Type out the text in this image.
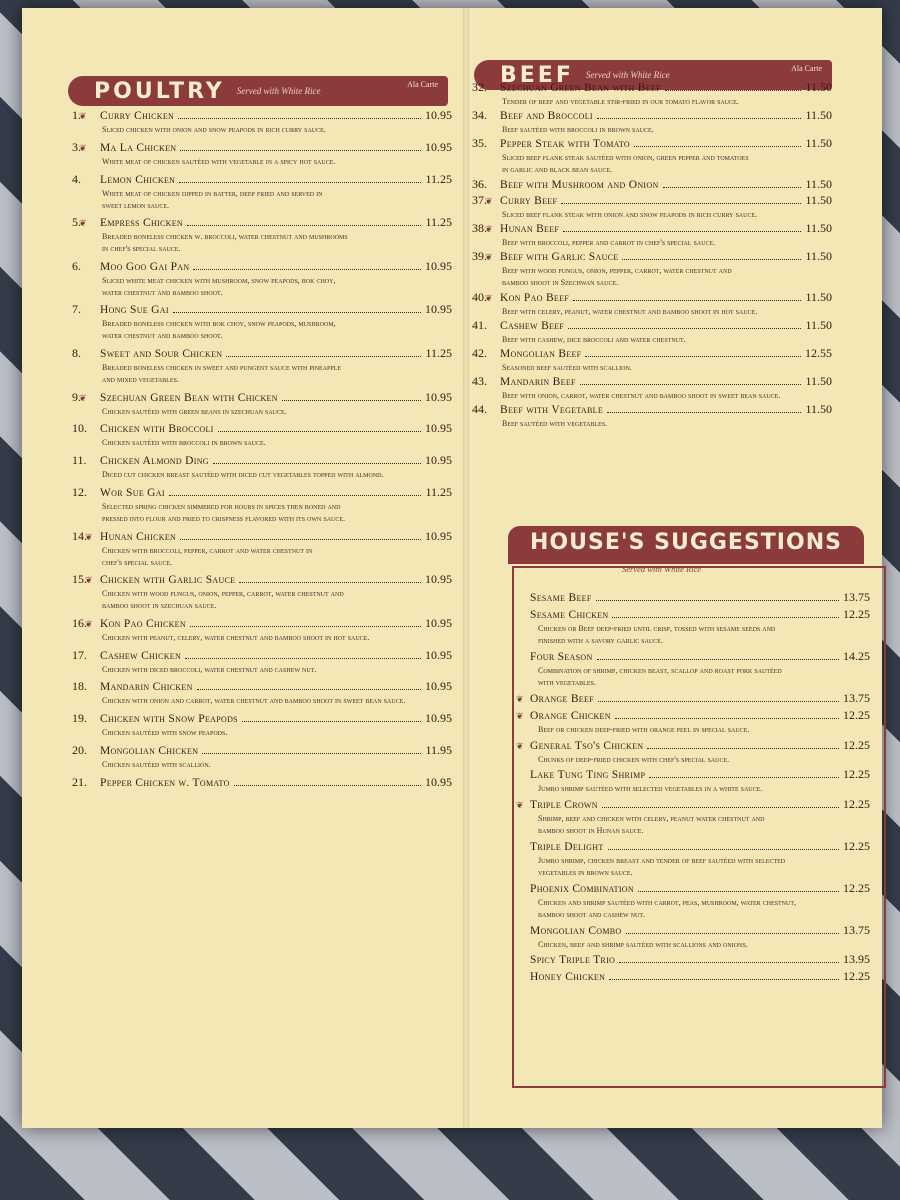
POULTRY Served with White Rice
Ala Carte
1.❦	Curry Chicken	10.95
Sliced chicken with onion and snow peapods in rich curry sauce.
3.❦	Ma La Chicken	10.95
White meat of chicken sautéed with vegetable in a spicy hot sauce.
4.	Lemon Chicken	11.25
White meat of chicken dipped in batter, deep fried and served in
sweet lemon sauce.
5.❦	Empress Chicken	11.25
Breaded boneless chicken w. broccoli, water chestnut and mushrooms
in chef's special sauce.
6.	Moo Goo Gai Pan	10.95
Sliced white meat chicken with mushroom, snow peapods, bok choy,
water chestnut and bamboo shoot.
7.	Hong Sue Gai	10.95
Breaded boneless chicken with bok choy, snow peapods, mushroom,
water chestnut and bamboo shoot.
8.	Sweet and Sour Chicken	11.25
Breaded boneless chicken in sweet and pungent sauce with pineapple
and mixed vegetables.
9.❦	Szechuan Green Bean with Chicken	10.95
Chicken sautéed with green beans in szechuan sauce.
10.	Chicken with Broccoli	10.95
Chicken sautéed with broccoli in brown sauce.
11.	Chicken Almond Ding	10.95
Diced cut chicken breast sautéed with diced cut vegetables topped with almond.
12.	Wor Sue Gai	11.25
Selected spring chicken simmered for hours in spices then boned and
pressed into flour and fried to crispness flavored with its own sauce.
14.❦ Hunan Chicken	10.95
Chicken with broccoli, pepper, carrot and water chestnut in
chef's special sauce.
15.❦ Chicken with Garlic Sauce	10.95
Chicken with wood fungus, onion, pepper, carrot, water chestnut and
bamboo shoot in szechuan sauce.
16.❦ Kon Pao Chicken	10.95
Chicken with peanut, celery, water chestnut and bamboo shoot in hot sauce.
17.	Cashew Chicken	10.95
Chicken with diced broccoli, water chestnut and cashew nut.
18.	Mandarin Chicken	10.95
Chicken with onion and carrot, water chestnut and bamboo shoot in sweet bean sauce.
19.	Chicken with Snow Peapods	10.95
Chicken sautéed with snow peapods.
20.	Mongolian Chicken	11.95
Chicken sautéed with scallion.
21.	Pepper Chicken w. Tomato	10.95
BEEF Served with White Rice
Ala Carte
HOUSE'S SUGGESTIONS
Served with White Rice
32.	Szechuan Green Bean with Beef	11.50
Tender of beef and vegetable stir-fried in our tomato flavor sauce.
34.	Beef and Broccoli	11.50
Beef sautéed with broccoli in brown sauce.
35.	Pepper Steak with Tomato	11.50
Sliced beef flank steak sautéed with onion, green pepper and tomatoes
in garlic and black bean sauce.
36.	Beef with Mushroom and Onion	11.50
37.❦ Curry Beef	11.50
Sliced beef flank steak with onion and snow peapods in rich curry sauce.
38.❦ Hunan Beef	11.50
Beef with broccoli, pepper and carrot in chef's special sauce.
39.❦ Beef with Garlic Sauce	11.50
Beef with wood fungus, onion, pepper, carrot, water chestnut and
bamboo shoot in Szechwan sauce.
40.❦ Kon Pao Beef	11.50
Beef with celery, peanut, water chestnut and bamboo shoot in hot sauce.
41.	Cashew Beef	11.50
Beef with cashew, dice broccoli and water chestnut.
42.	Mongolian Beef	12.55
Seasoned beef sautéed with scallion.
43.	Mandarin Beef	11.50
Beef with onion, carrot, water chestnut and bamboo shoot in sweet bean sauce.
44.	Beef with Vegetable	11.50
Beef sautéed with vegetables.
Sesame Beef	13.75
Sesame Chicken	12.25
Chicken or Beef deep-fried until crisp, tossed with sesame seeds and
finished with a savory garlic sauce.
Four Season	14.25
Combination of shrimp, chicken beast, scallop and roast pork sautéed
with vegetables.
❦ Orange Beef	13.75
❦ Orange Chicken	12.25
Beef or chicken deep-fried with orange peel in special sauce.
❦ General Tso's Chicken	12.25
Chunks of deep-fried chicken with chef's special sauce.
Lake Tung Ting Shrimp	12.25
Jumbo shrimp sautéed with selected vegetables in a white sauce.
❦ Triple Crown	12.25
Shrimp, beef and chicken with celery, peanut water chestnut and
bamboo shoot in Hunan sauce.
Triple Delight	12.25
Jumbo shrimp, chicken breast and tender of beef sautéed with selected
vegetables in brown sauce.
Phoenix Combination	12.25
Chicken and shrimp sautéed with carrot, peas, mushroom, water chestnut,
bamboo shoot and cashew nut.
Mongolian Combo	13.75
Chicken, beef and shrimp sautéed with scallions and onions.
Spicy Triple Trio	13.95
Honey Chicken	12.25
